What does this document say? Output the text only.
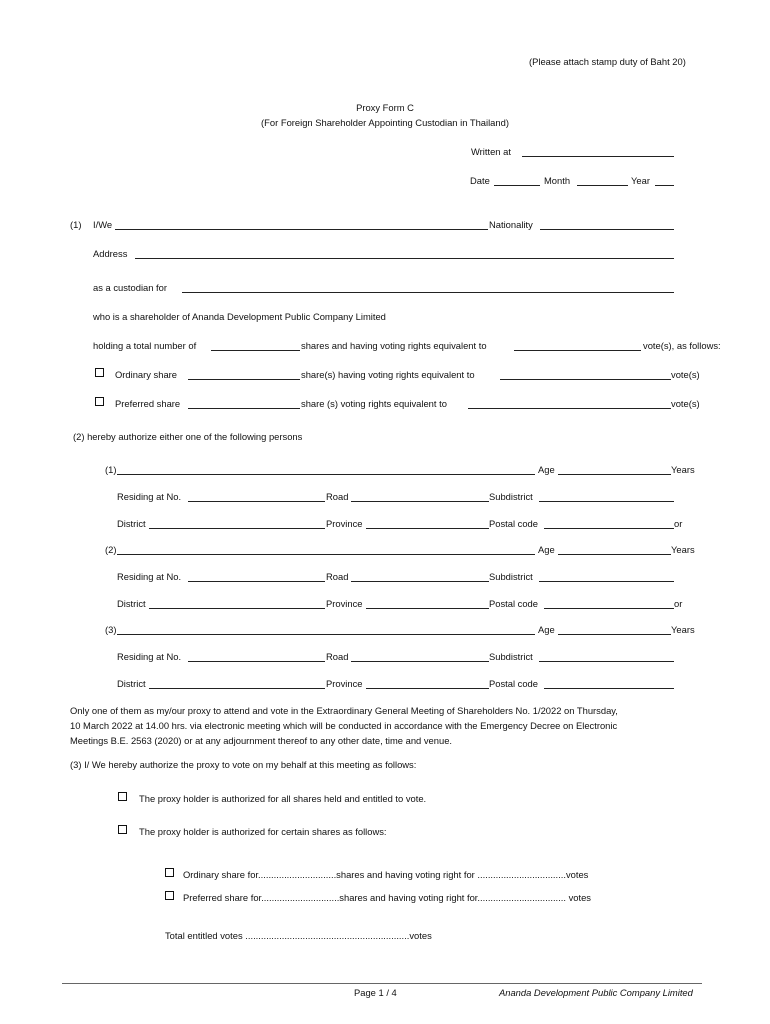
(Please attach stamp duty of Baht 20)
Proxy Form C
(For Foreign Shareholder Appointing Custodian in Thailand)
Written at
Date	Month	Year
(1) I/We	Nationality
Address
as a custodian for
who is a shareholder of Ananda Development Public Company Limited
holding a total number of	shares and having voting rights equivalent to	vote(s), as follows:
Ordinary share	share(s) having voting rights equivalent to	vote(s)
Preferred share	share (s) voting rights equivalent to	vote(s)
(2) hereby authorize either one of the following persons
(1)	Age	Years
Residing at No.	Road	Subdistrict
District	Province	Postal code	or
(2)	Age	Years
Residing at No.	Road	Subdistrict
District	Province	Postal code	or
(3)	Age	Years
Residing at No.	Road	Subdistrict
District	Province	Postal code
Only one of them as my/our proxy to attend and vote in the Extraordinary General Meeting of Shareholders No. 1/2022 on Thursday,
10 March 2022 at 14.00 hrs. via electronic meeting which will be conducted in accordance with the Emergency Decree on Electronic
Meetings B.E. 2563 (2020) or at any adjournment thereof to any other date, time and venue.
(3) I/ We hereby authorize the proxy to vote on my behalf at this meeting as follows:
The proxy holder is authorized for all shares held and entitled to vote.
The proxy holder is authorized for certain shares as follows:
Ordinary share for..............................shares and having voting right for ..................................votes
Preferred share for..............................shares and having voting right for.................................. votes
Total entitled votes ...............................................................votes
Page 1 / 4	Ananda Development Public Company Limited
